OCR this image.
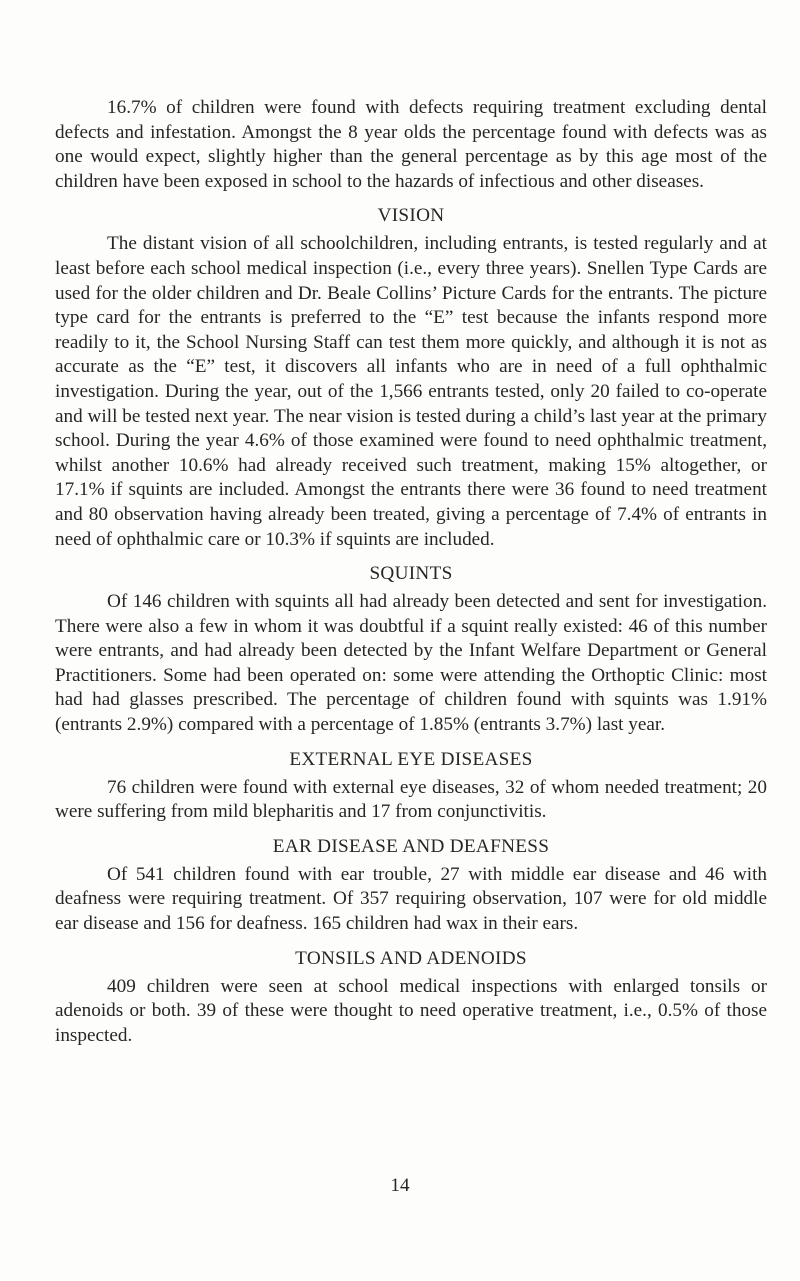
16.7% of children were found with defects requiring treatment excluding dental defects and infestation. Amongst the 8 year olds the percentage found with defects was as one would expect, slightly higher than the general percentage as by this age most of the children have been exposed in school to the hazards of infectious and other diseases.

VISION

The distant vision of all schoolchildren, including entrants, is tested regularly and at least before each school medical inspection (i.e., every three years). Snellen Type Cards are used for the older children and Dr. Beale Collins’ Picture Cards for the entrants. The picture type card for the entrants is preferred to the “E” test because the infants respond more readily to it, the School Nursing Staff can test them more quickly, and although it is not as accurate as the “E” test, it discovers all infants who are in need of a full ophthalmic investigation. During the year, out of the 1,566 entrants tested, only 20 failed to co-operate and will be tested next year. The near vision is tested during a child’s last year at the primary school. During the year 4.6% of those examined were found to need ophthalmic treatment, whilst another 10.6% had already received such treatment, making 15% altogether, or 17.1% if squints are included. Amongst the entrants there were 36 found to need treatment and 80 observation having already been treated, giving a percentage of 7.4% of entrants in need of ophthalmic care or 10.3% if squints are included.

SQUINTS

Of 146 children with squints all had already been detected and sent for investigation. There were also a few in whom it was doubtful if a squint really existed: 46 of this number were entrants, and had already been detected by the Infant Welfare Department or General Practitioners. Some had been operated on: some were attending the Orthoptic Clinic: most had had glasses prescribed. The percentage of children found with squints was 1.91% (entrants 2.9%) compared with a percentage of 1.85% (entrants 3.7%) last year.

EXTERNAL EYE DISEASES

76 children were found with external eye diseases, 32 of whom needed treatment; 20 were suffering from mild blepharitis and 17 from conjunctivitis.

EAR DISEASE AND DEAFNESS

Of 541 children found with ear trouble, 27 with middle ear disease and 46 with deafness were requiring treatment. Of 357 requiring observation, 107 were for old middle ear disease and 156 for deafness. 165 children had wax in their ears.

TONSILS AND ADENOIDS

409 children were seen at school medical inspections with enlarged tonsils or adenoids or both. 39 of these were thought to need operative treatment, i.e., 0.5% of those inspected.

14
